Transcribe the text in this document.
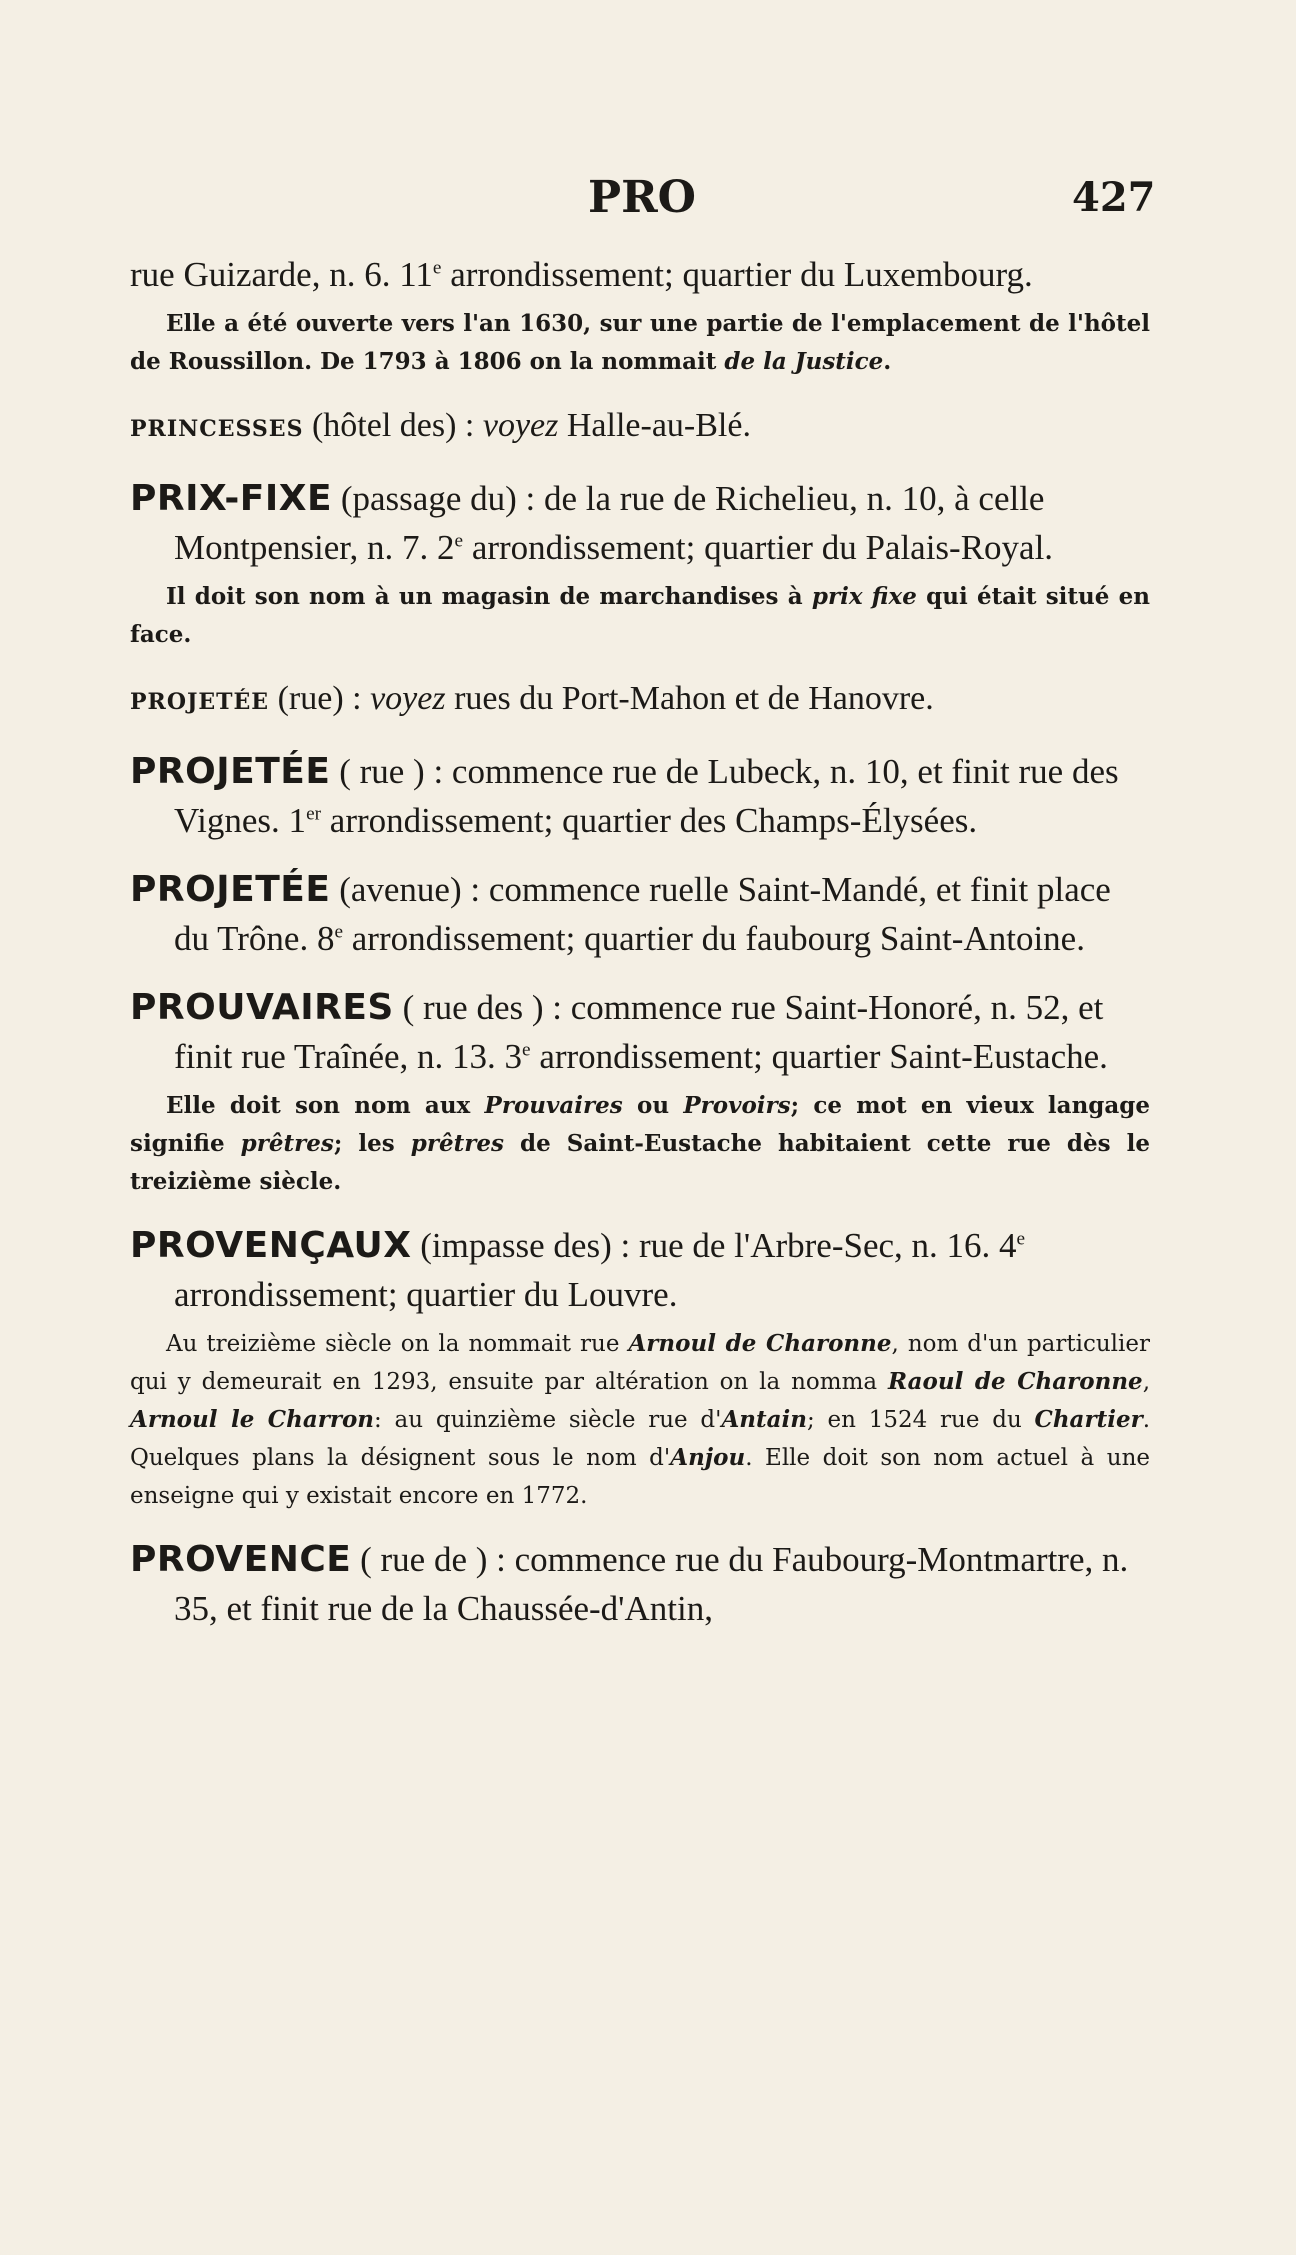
PRO	427

rue Guizarde, n. 6. 11e arrondissement; quartier du Luxembourg.

Elle a été ouverte vers l'an 1630, sur une partie de l'emplacement de l'hôtel de Roussillon. De 1793 à 1806 on la nommait de la Justice.

PRINCESSES (hôtel des) : voyez Halle-au-Blé.

PRIX-FIXE (passage du) : de la rue de Richelieu, n. 10, à celle Montpensier, n. 7. 2e arrondissement; quartier du Palais-Royal.

Il doit son nom à un magasin de marchandises à prix fixe qui était situé en face.

PROJETÉE (rue) : voyez rues du Port-Mahon et de Hanovre.

PROJETÉE ( rue ) : commence rue de Lubeck, n. 10, et finit rue des Vignes. 1er arrondissement; quartier des Champs-Élysées.

PROJETÉE (avenue) : commence ruelle Saint-Mandé, et finit place du Trône. 8e arrondissement; quartier du faubourg Saint-Antoine.

PROUVAIRES ( rue des ) : commence rue Saint-Honoré, n. 52, et finit rue Traînée, n. 13. 3e arrondissement; quartier Saint-Eustache.

Elle doit son nom aux Prouvaires ou Provoirs; ce mot en vieux langage signifie prêtres; les prêtres de Saint-Eustache habitaient cette rue dès le treizième siècle.

PROVENÇAUX (impasse des) : rue de l'Arbre-Sec, n. 16. 4e arrondissement; quartier du Louvre.

Au treizième siècle on la nommait rue Arnoul de Charonne, nom d'un particulier qui y demeurait en 1293, ensuite par altération on la nomma Raoul de Charonne, Arnoul le Charron: au quinzième siècle rue d'Antain; en 1524 rue du Chartier. Quelques plans la désignent sous le nom d'Anjou. Elle doit son nom actuel à une enseigne qui y existait encore en 1772.

PROVENCE ( rue de ) : commence rue du Faubourg-Montmartre, n. 35, et finit rue de la Chaussée-d'Antin,
